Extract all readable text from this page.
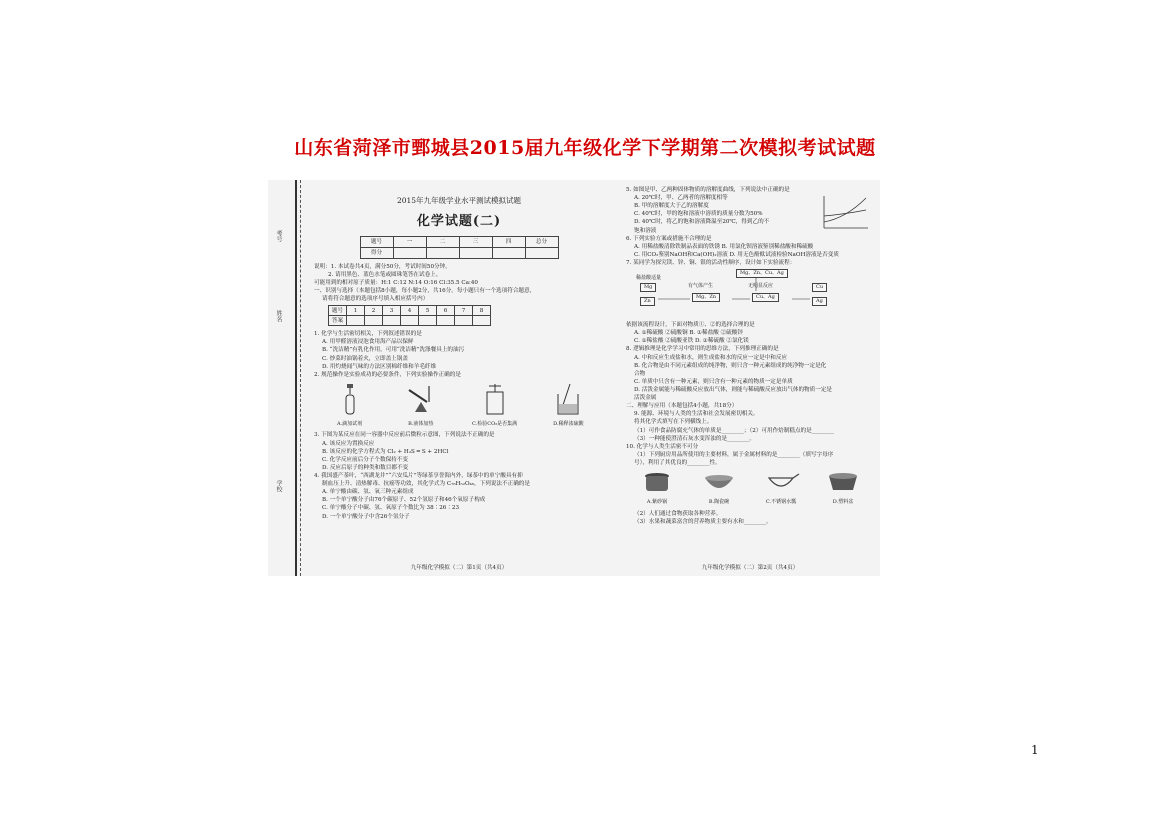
山东省菏泽市鄄城县2015届九年级化学下学期第二次模拟考试试题
学校
姓名
考号
2015年九年级学业水平测试模拟试题
化学试题(二)
题号	一	二	三	四	总分
得分					
说明：1. 本试卷共4页，满分50分，考试时间50分钟。
2. 请用黑色、蓝色水笔或圆珠笔答在试卷上。
可能用到的相对原子质量：H:1 C:12 N:14 O:16 Cl:35.5 Ca:40
一、识别与选择（本题包括8小题，每小题2分，共16分。每小题只有一个选项符合题意，
请将符合题意的选项序号填入相应括号内）
题号	1	2	3	4	5	6	7	8
答案								
1. 化学与生活密切相关，下列叙述错误的是
A. 用甲醛溶液浸泡食用海产品以保鲜
B. “洗洁精”有乳化作用，可用“洗洁精”洗涤餐具上的油污
C. 炒菜时油锅着火，立即盖上锅盖
D. 用灼烧闻气味的方法区别棉纤维和羊毛纤维
2. 规范操作是实验成功的必要条件，下列实验操作正确的是
A.滴加试剂	B.液体加热	C.检验CO₂是否集满	D.稀释浓硫酸
3. 下图为某反应在同一容器中反应前后微粒示意图，下列说法不正确的是
A. 该反应为置换反应
B. 该反应的化学方程式为 Cl₂ + H₂S ═ S + 2HCl
C. 化学反应前后分子个数保持不变
D. 反应后原子的种类和数目都不变
4. 我国盛产茶叶，“西湖龙井”“六安瓜片”等绿茶享誉海内外，绿茶中的单宁酸具有抑
制血压上升、清热解毒、抗癌等功效，其化学式为 C₇₆H₅₂O₄₆，下列说法不正确的是
A. 单宁酸由碳、氢、氧三种元素组成
B. 一个单宁酸分子由76个碳原子、52个氢原子和46个氧原子构成
C. 单宁酸分子中碳、氢、氧原子个数比为 38∶26∶23
D. 一个单宁酸分子中含26个氢分子
九年级化学模拟（二）第1页（共4页）
5. 如图是甲、乙两种固体物质的溶解度曲线，下列说法中正确的是
A. 20℃时，甲、乙两者的溶解度相等
B. 甲的溶解度大于乙的溶解度
C. 40℃时，甲的饱和溶液中溶质的质量分数为50%
D. 40℃时，将乙的饱和溶液降温至20℃，得到乙的不
饱和溶液
6. 下列实验方案或措施不合理的是
A. 用稀盐酸清除铁制品表面的铁锈 B. 用氯化钡溶液鉴别稀盐酸和稀硫酸
C. 用CO₂鉴别NaOH和Ca(OH)₂溶液 D. 用无色酚酞试液检验NaOH溶液是否变质
7. 某同学为探究镁、锌、铜、银的活动性顺序，设计如下实验流程：
Mg、Zn、Cu、Ag
稀盐酸适量
Mg
Zn
有气体产生
Mg、Zn
无明显反应
Cu、Ag
Cu
Ag
依据该流程设计，下面对物质①、②的选择合理的是
A. ①稀硫酸 ②硫酸铜 B. ①稀盐酸 ②硫酸锌
C. ①稀盐酸 ②硫酸亚铁 D. ①稀硫酸 ②氯化镁
8. 逻辑推理是化学学习中常用的思维方法，下列推理正确的是
A. 中和反应生成盐和水，则生成盐和水的反应一定是中和反应
B. 化合物是由不同元素组成的纯净物，则只含一种元素组成的纯净物一定是化
合物
C. 单质中只含有一种元素，则只含有一种元素的物质一定是单质
D. 活泼金属能与稀硫酸反应放出气体，则能与稀硫酸反应放出气体的物质一定是
活泼金属
二、理解与应用（本题包括4小题，共18分）
9. 能源、环境与人类的生活和社会发展密切相关。
将其化学式填写在下列横线上。
（1）可作食品防腐充气体的单质是________；（2）可用作焙制糕点的是________
（3）一种能使澄清石灰水变浑浊的是________。
10. 化学与人类生活密不可分
（1）下列厨房用品所使用的主要材料，属于金属材料的是________（填写字母序
号），利用了其优良的________性。
A.紫砂锅	B.陶瓷碗	C.不锈钢水瓢	D.塑料盆
（2）人们通过食物获取各种营养。
（3）水果和蔬菜富含的营养物质主要有水和________。
九年级化学模拟（二）第2页（共4页）
1
